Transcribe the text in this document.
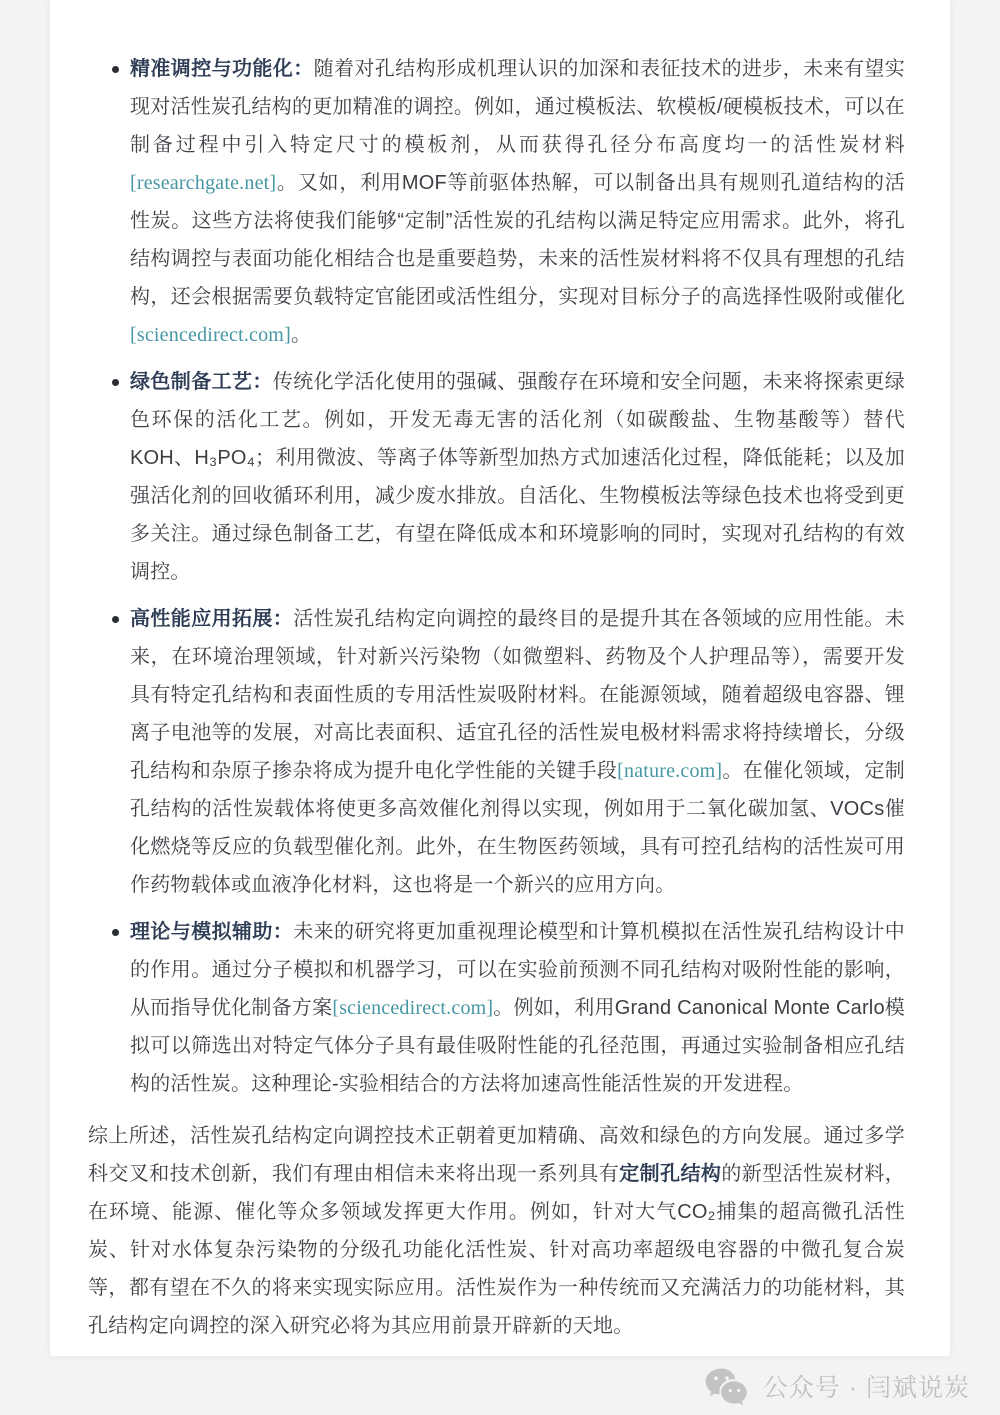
精准调控与功能化：随着对孔结构形成机理认识的加深和表征技术的进步，未来有望实现对活性炭孔结构的更加精准的调控。例如，通过模板法、软模板/硬模板技术，可以在制备过程中引入特定尺寸的模板剂，从而获得孔径分布高度均一的活性炭材料[researchgate.net]。又如，利用MOF等前驱体热解，可以制备出具有规则孔道结构的活性炭。这些方法将使我们能够“定制”活性炭的孔结构以满足特定应用需求。此外，将孔结构调控与表面功能化相结合也是重要趋势，未来的活性炭材料将不仅具有理想的孔结构，还会根据需要负载特定官能团或活性组分，实现对目标分子的高选择性吸附或催化[sciencedirect.com]。

绿色制备工艺：传统化学活化使用的强碱、强酸存在环境和安全问题，未来将探索更绿色环保的活化工艺。例如，开发无毒无害的活化剂（如碳酸盐、生物基酸等）替代KOH、H₃PO₄；利用微波、等离子体等新型加热方式加速活化过程，降低能耗；以及加强活化剂的回收循环利用，减少废水排放。自活化、生物模板法等绿色技术也将受到更多关注。通过绿色制备工艺，有望在降低成本和环境影响的同时，实现对孔结构的有效调控。

高性能应用拓展：活性炭孔结构定向调控的最终目的是提升其在各领域的应用性能。未来，在环境治理领域，针对新兴污染物（如微塑料、药物及个人护理品等），需要开发具有特定孔结构和表面性质的专用活性炭吸附材料。在能源领域，随着超级电容器、锂离子电池等的发展，对高比表面积、适宜孔径的活性炭电极材料需求将持续增长，分级孔结构和杂原子掺杂将成为提升电化学性能的关键手段[nature.com]。在催化领域，定制孔结构的活性炭载体将使更多高效催化剂得以实现，例如用于二氧化碳加氢、VOCs催化燃烧等反应的负载型催化剂。此外，在生物医药领域，具有可控孔结构的活性炭可用作药物载体或血液净化材料，这也将是一个新兴的应用方向。

理论与模拟辅助：未来的研究将更加重视理论模型和计算机模拟在活性炭孔结构设计中的作用。通过分子模拟和机器学习，可以在实验前预测不同孔结构对吸附性能的影响，从而指导优化制备方案[sciencedirect.com]。例如，利用Grand Canonical Monte Carlo模拟可以筛选出对特定气体分子具有最佳吸附性能的孔径范围，再通过实验制备相应孔结构的活性炭。这种理论-实验相结合的方法将加速高性能活性炭的开发进程。

综上所述，活性炭孔结构定向调控技术正朝着更加精确、高效和绿色的方向发展。通过多学科交叉和技术创新，我们有理由相信未来将出现一系列具有定制孔结构的新型活性炭材料，在环境、能源、催化等众多领域发挥更大作用。例如，针对大气CO₂捕集的超高微孔活性炭、针对水体复杂污染物的分级孔功能化活性炭、针对高功率超级电容器的中微孔复合炭等，都有望在不久的将来实现实际应用。活性炭作为一种传统而又充满活力的功能材料，其孔结构定向调控的深入研究必将为其应用前景开辟新的天地。

公众号 · 闫斌说炭
